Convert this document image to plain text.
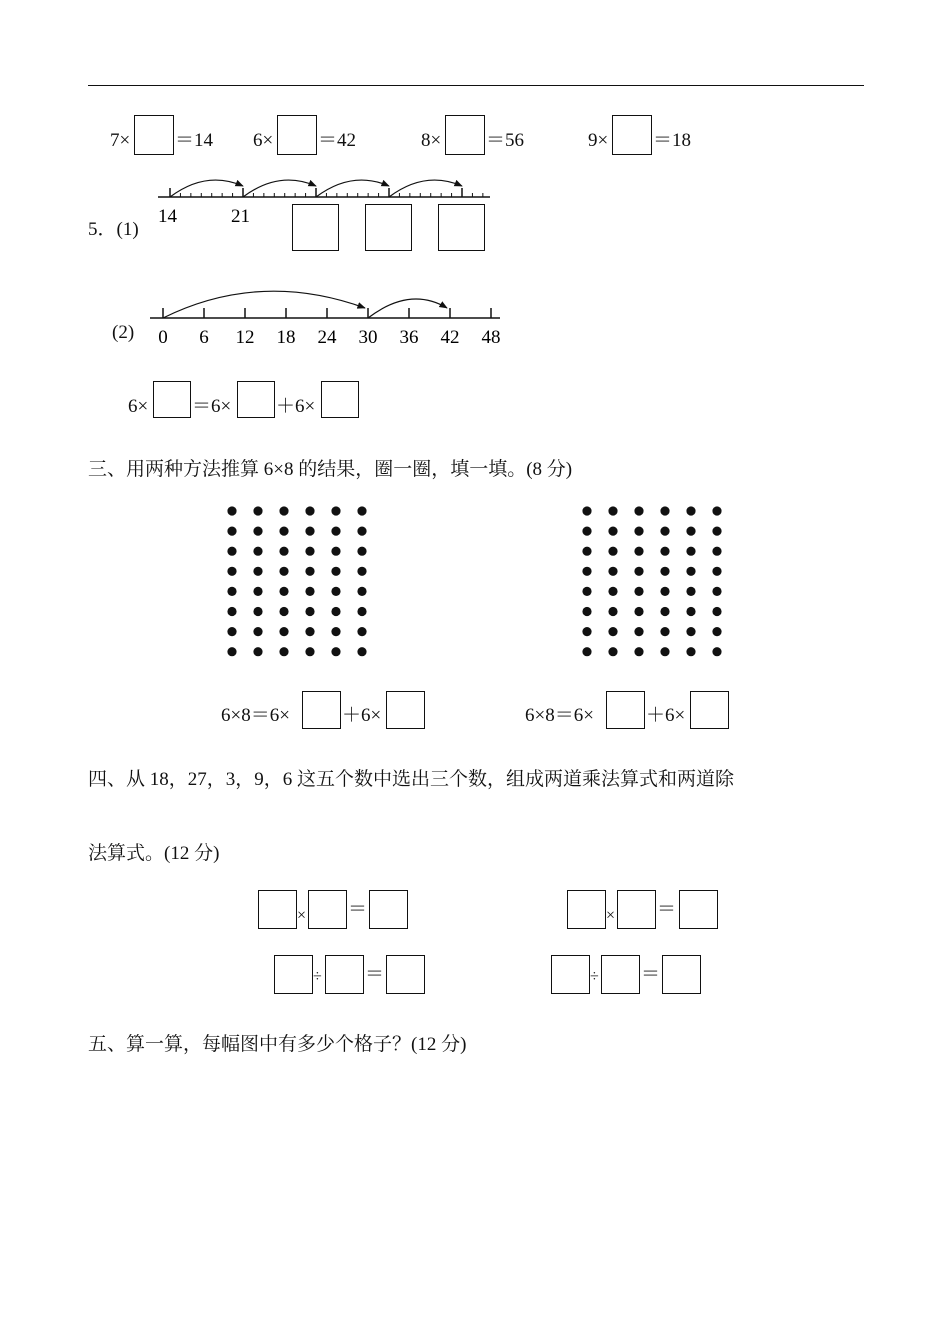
7× ＝14 6× ＝42	8× ＝56	9× ＝18
5．(1)
14	21
(2) 0 6 12 18 24 30 36 42 48
6× ＝6× ＋6×
三、用两种方法推算 6×8 的结果，圈一圈，填一填。(8 分)
6×8＝6×	＋6×	6×8＝6×	＋6×
四、从 18，27，3，9，6 这五个数中选出三个数，组成两道乘法算式和两道除
法算式。(12 分)
× ＝	× ＝
÷ ＝	÷ ＝
五、算一算，每幅图中有多少个格子？(12 分)
